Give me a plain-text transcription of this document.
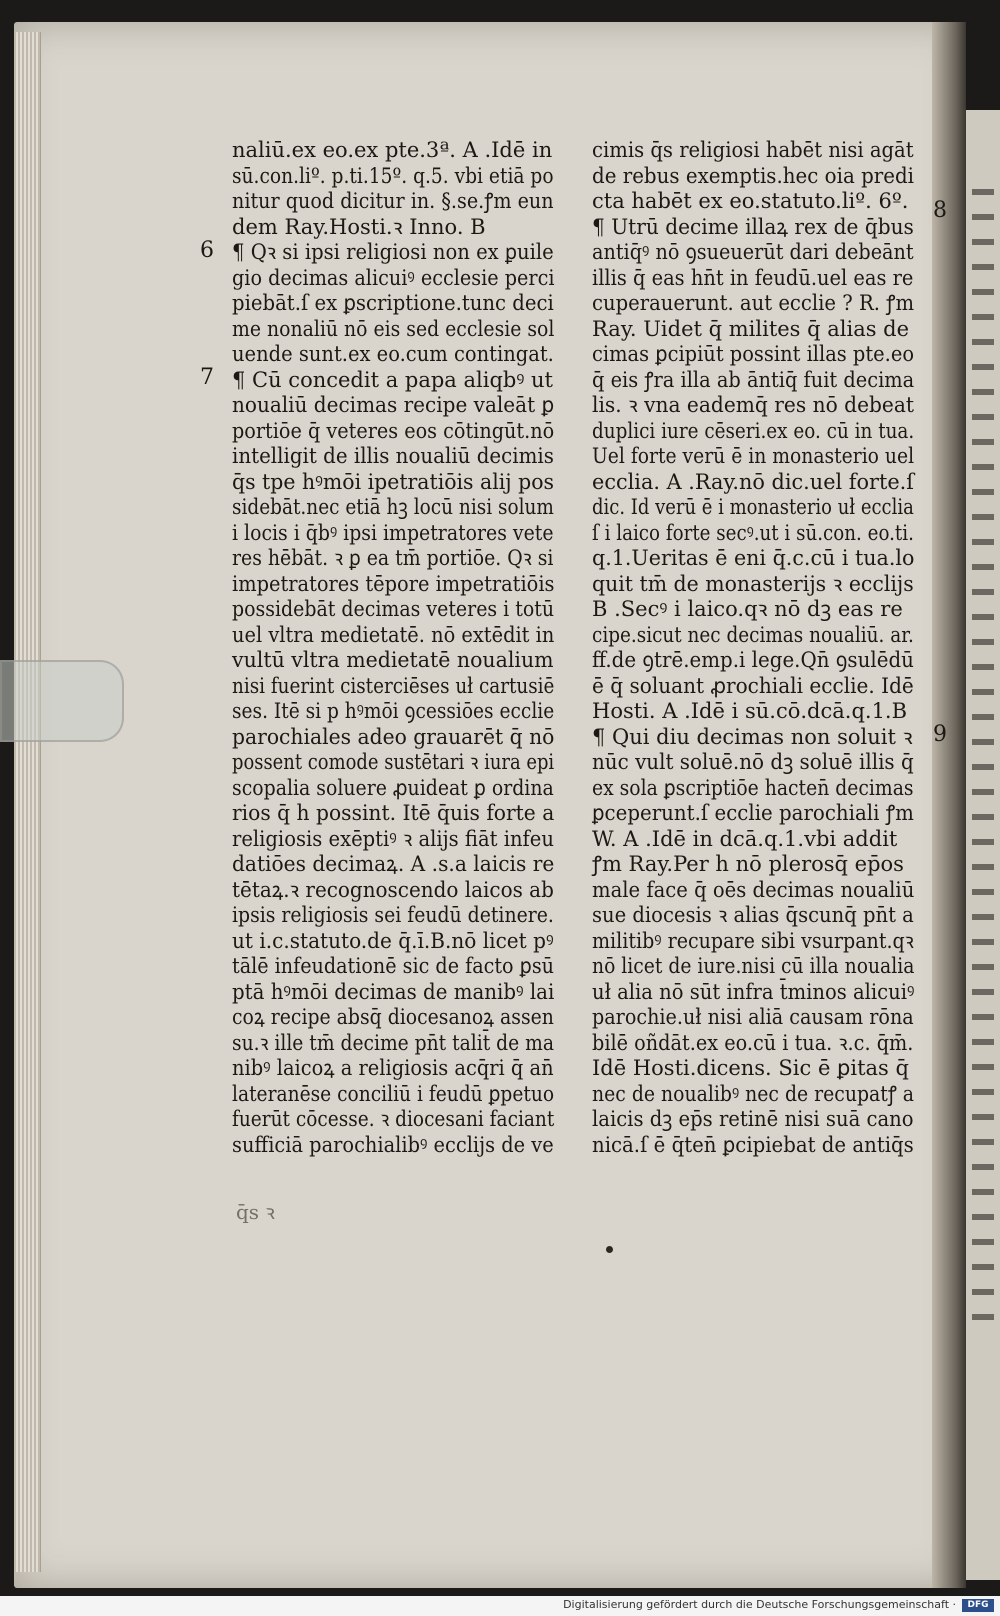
naliū.ex eo.ex pte.3ª. A .Idē in
sū.con.liº. p.ti.15º. q.5. vbi etiā po
nitur quod dicitur in. §.se.ꝭm eun
dem Ray.Hosti.ꝛ Inno. B
¶ Qꝛ si ipsi religiosi non ex ꝑuile
gio decimas alicuiꝰ ecclesie perci
piebāt.ſ ex ꝑscriptione.tunc deci
me nonaliū nō eis sed ecclesie sol
uende sunt.ex eo.cum contingat.
¶ Cū concedit a papa aliqbꝰ ut
noualiū decimas recipe valeāt ꝑ
portiōe q̄ veteres eos cōtingūt.nō
intelligit de illis noualiū decimis
q̄s tpe hꝰmōi ipetratiōis alij pos
sidebāt.nec etiā hꝫ locū nisi solum
i locis i q̄bꝰ ipsi impetratores vete
res hēbāt. ꝛ ꝑ ea tm̄ portiōe. Qꝛ si
impetratores tēpore impetratiōis
possidebāt decimas veteres i totū
uel vltra medietatē. nō extēdit in
vultū vltra medietatē noualium
nisi fuerint cisterciēses uł cartusiē
ses. Itē si p hꝰmōi ꝯcessiōes ecclie
parochiales adeo grauarēt q̄ nō
possent comode sustētari ꝛ iura epi
scopalia soluere ꝓuideat ꝑ ordina
rios q̄ h possint. Itē q̄uis forte a
religiosis exēptiꝰ ꝛ alijs fiāt infeu
datiōes decimaꝝ. A .s.a laicis re
tētaꝝ.ꝛ recognoscendo laicos ab
ipsis religiosis sei feudū detinere.
ut i.c.statuto.de q̄.ī.B.nō licet pꝰ
tālē infeudationē sic de facto ꝑsū
ptā hꝰmōi decimas de manibꝰ lai
coꝝ recipe absq̄ diocesanoꝝ assen
su.ꝛ ille tm̄ decime pn̄t talit̄ de ma
nibꝰ laicoꝝ a religiosis acq̄ri q̄ an̄
lateranēse conciliū i feudū ꝑpetuo
fuerūt cōcesse. ꝛ diocesani faciant
sufficiā parochialibꝰ ecclijs de ve
cimis q̄s religiosi habēt nisi agāt
de rebus exemptis.hec oia predi
cta habēt ex eo.statuto.liº. 6º.
¶ Utrū decime illaꝝ rex de q̄bus
antiq̄ꝰ nō ꝯsueuerūt dari debeānt
illis q̄ eas hn̄t in feudū.uel eas re
cuperauerunt. aut ecclie ? R. ꝭm
Ray. Uidet q̄ milites q̄ alias de
cimas ꝑcipiūt possint illas pte.eo
q̄ eis ꝭra illa ab āntiq̄ fuit decima
lis. ꝛ vna eademq̄ res nō debeat
duplici iure cēseri.ex eo. cū in tua.
Uel forte verū ē in monasterio uel
ecclia. A .Ray.nō dic.uel forte.ſ
dic. Id verū ē i monasterio uł ecclia
ſ i laico forte secꝰ.ut i sū.con. eo.ti.
q.1.Ueritas ē eni q̄.c.cū i tua.lo
quit tm̄ de monasterijs ꝛ ecclijs
B .Secꝰ i laico.qꝛ nō dꝫ eas re
cipe.sicut nec decimas noualiū. ar.
ff.de ꝯtrē.emp.i lege.Qn̄ ꝯsulēdū
ē q̄ soluant ꝓrochiali ecclie. Idē
Hosti. A .Idē i sū.cō.dcā.q.1.B
¶ Qui diu decimas non soluit ꝛ
nūc vult soluē.nō dꝫ soluē illis q̄
ex sola ꝑscriptiōe hacten̄ decimas
ꝑceperunt.ſ ecclie parochiali ꝭm
W. A .Idē in dcā.q.1.vbi addit
ꝭm Ray.Per h nō plerosq̄ ep̄os
male face q̄ oēs decimas noualiū
sue diocesis ꝛ alias q̄scunq̄ pn̄t a
militibꝰ recupare sibi vsurpant.qꝛ
nō licet de iure.nisi cū illa noualia
uł alia nō sūt infra t̄minos alicuiꝰ
parochie.uł nisi aliā causam rōna
bilē oñdāt.ex eo.cū i tua. ꝛ.c. q̄m̄.
Idē Hosti.dicens. Sic ē ꝑitas q̄
nec de noualibꝰ nec de recupatꝭ a
laicis dꝫ ep̄s retinē nisi suā cano
nicā.ſ ē q̄ten̄ ꝑcipiebat de antiq̄s
6
7
8
9
q̄s ꝛ
Digitalisierung gefördert durch die Deutsche Forschungsgemeinschaft ·	DFG
